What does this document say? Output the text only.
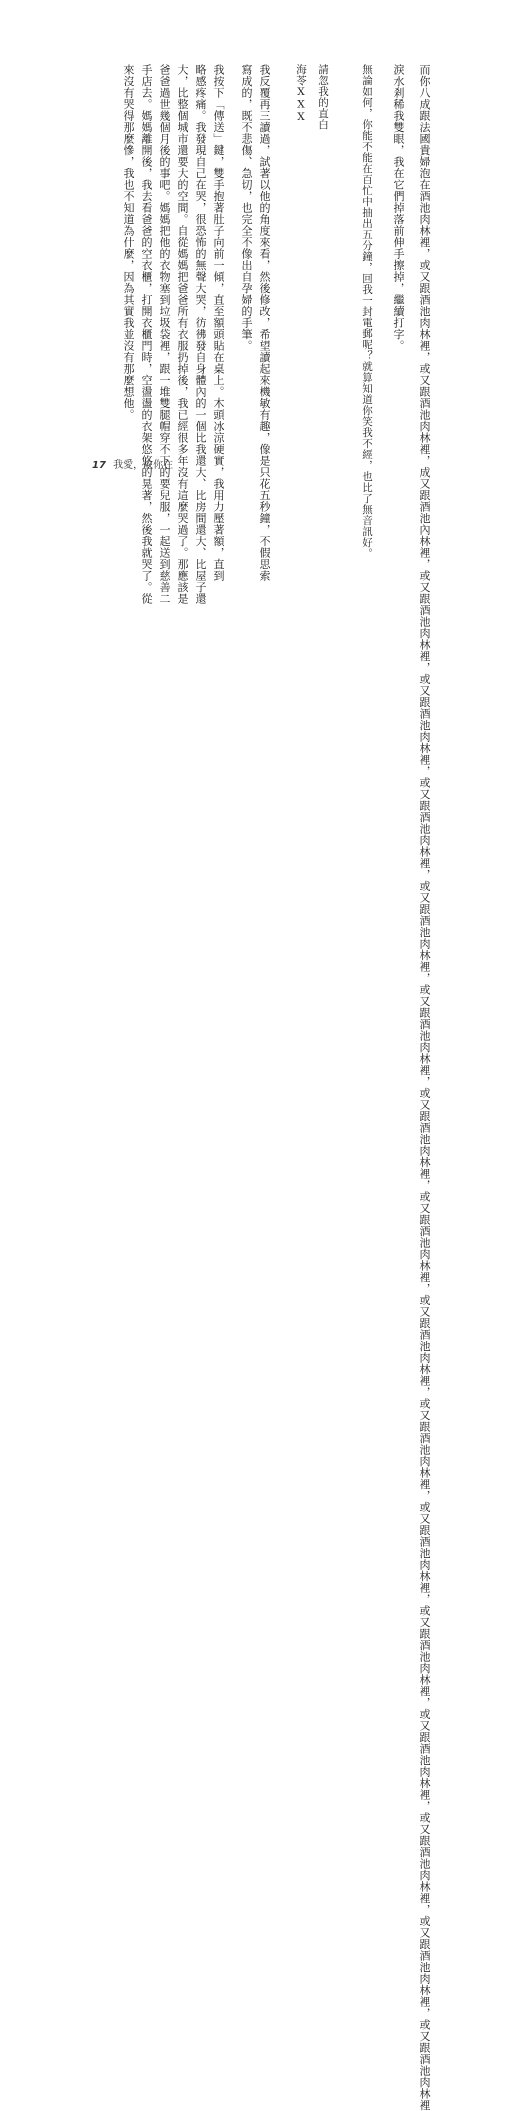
而你八成跟法國貴婦泡在酒池肉林裡，或又跟酒池肉林裡，或又跟酒池肉林裡，成又跟酒池內林裡，或又跟酒池肉林裡，或又跟酒池肉林裡，或又跟酒池肉林裡，或又跟酒池肉林裡，或又跟酒池肉林裡，或又跟酒池肉林裡，或又跟酒池肉林裡，或又跟酒池肉林裡，或又跟酒池肉林裡，或又跟酒池肉林裡，或又跟酒池肉林裡，或又跟酒池肉林裡，或又跟酒池肉林裡，或又跟酒池肉林裡，或又跟酒池肉林裡
淚水剎稀我雙眼，我在它們掉落前伸手擦掉，繼續打字。
無論如何，你能不能在百忙中抽出五分鐘，回我一封電郵呢？就算知道你笑我不經，也比了無音訊好。
請忽我的直白
海苓XXX
我反覆再三讀過，試著以他的角度來看，然後修改，希望讀起來機敏有趣，像是只花五秒鐘，不假思索
寫成的，既不悲傷、急切，也完全不像出自孕婦的手筆。
我按下「傳送」鍵，雙手抱著肚子向前一傾，直至額頭貼在桌上。木頭冰涼硬實，我用力壓著額，直到
略感疼痛。我發現自己在哭，很恐怖的無聲大哭，彷彿發自身體內的一個比我還大、比房間還大、比屋子還
大，比整個城市還要大的空間。自從媽媽把爸爸所有衣服扔掉後，我已經很多年沒有這麼哭過了。那應該是
爸爸過世幾個月後的事吧。媽媽把他的衣物塞到垃圾袋裡，跟一堆雙腿帽穿不下的要兒服，一起送到慈善二
手店去。媽媽離開後，我去看爸爸的空衣櫃，打開衣櫃門時，空盪盪的衣架悠悠的晃著，然後我就哭了。從
來沒有哭得那麼慘，我也不知道為什麼，因為其實我並沒有那麼想他。
17 我愛，故你在
